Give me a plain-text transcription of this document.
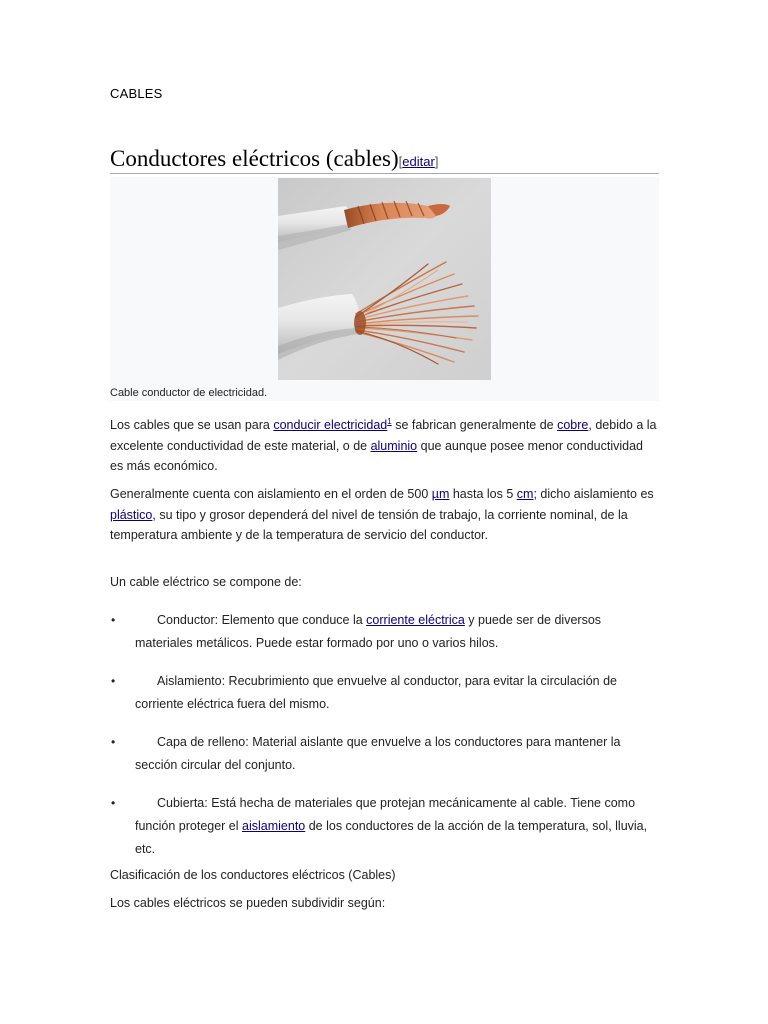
CABLES
Conductores eléctricos (cables)[editar]
Cable conductor de electricidad.

Los cables que se usan para conducir electricidad$^1$ se fabrican generalmente de cobre, debido a la excelente conductividad de este material, o de aluminio que aunque posee menor conductividad es más económico.

Generalmente cuenta con aislamiento en el orden de 500 µm hasta los 5 cm; dicho aislamiento es plástico, su tipo y grosor dependerá del nivel de tensión de trabajo, la corriente nominal, de la temperatura ambiente y de la temperatura de servicio del conductor.

Un cable eléctrico se compone de:

•	Conductor: Elemento que conduce la corriente eléctrica y puede ser de diversos materiales metálicos. Puede estar formado por uno o varios hilos.
•	Aislamiento: Recubrimiento que envuelve al conductor, para evitar la circulación de corriente eléctrica fuera del mismo.
•	Capa de relleno: Material aislante que envuelve a los conductores para mantener la sección circular del conjunto.
•	Cubierta: Está hecha de materiales que protejan mecánicamente al cable. Tiene como función proteger el aislamiento de los conductores de la acción de la temperatura, sol, lluvia, etc.

Clasificación de los conductores eléctricos (Cables)

Los cables eléctricos se pueden subdividir según:
